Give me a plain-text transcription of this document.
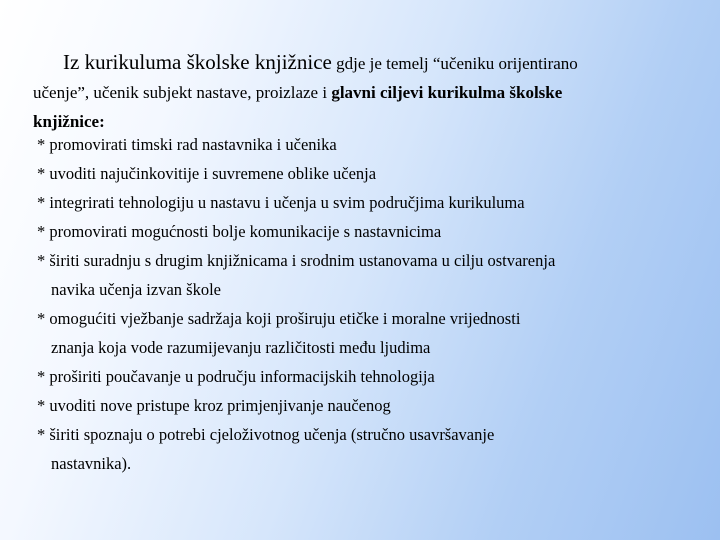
Iz kurikuluma školske knjižnice gdje je temelj “učeniku orijentirano
učenje”, učenik subjekt nastave, proizlaze i glavni ciljevi kurikulma školske
knjižnice:
* promovirati timski rad nastavnika i učenika
* uvoditi najučinkovitije i suvremene oblike učenja
* integrirati tehnologiju u nastavu i učenja u svim područjima kurikuluma
* promovirati mogućnosti bolje komunikacije s nastavnicima
* širiti suradnju s drugim knjižnicama i srodnim ustanovama u cilju ostvarenja
navika učenja izvan škole
* omogućiti vježbanje sadržaja koji proširuju etičke i moralne vrijednosti
znanja koja vode razumijevanju različitosti među ljudima
* proširiti poučavanje u području informacijskih tehnologija
* uvoditi nove pristupe kroz primjenjivanje naučenog
* širiti spoznaju o potrebi cjeloživotnog učenja (stručno usavršavanje
nastavnika).
